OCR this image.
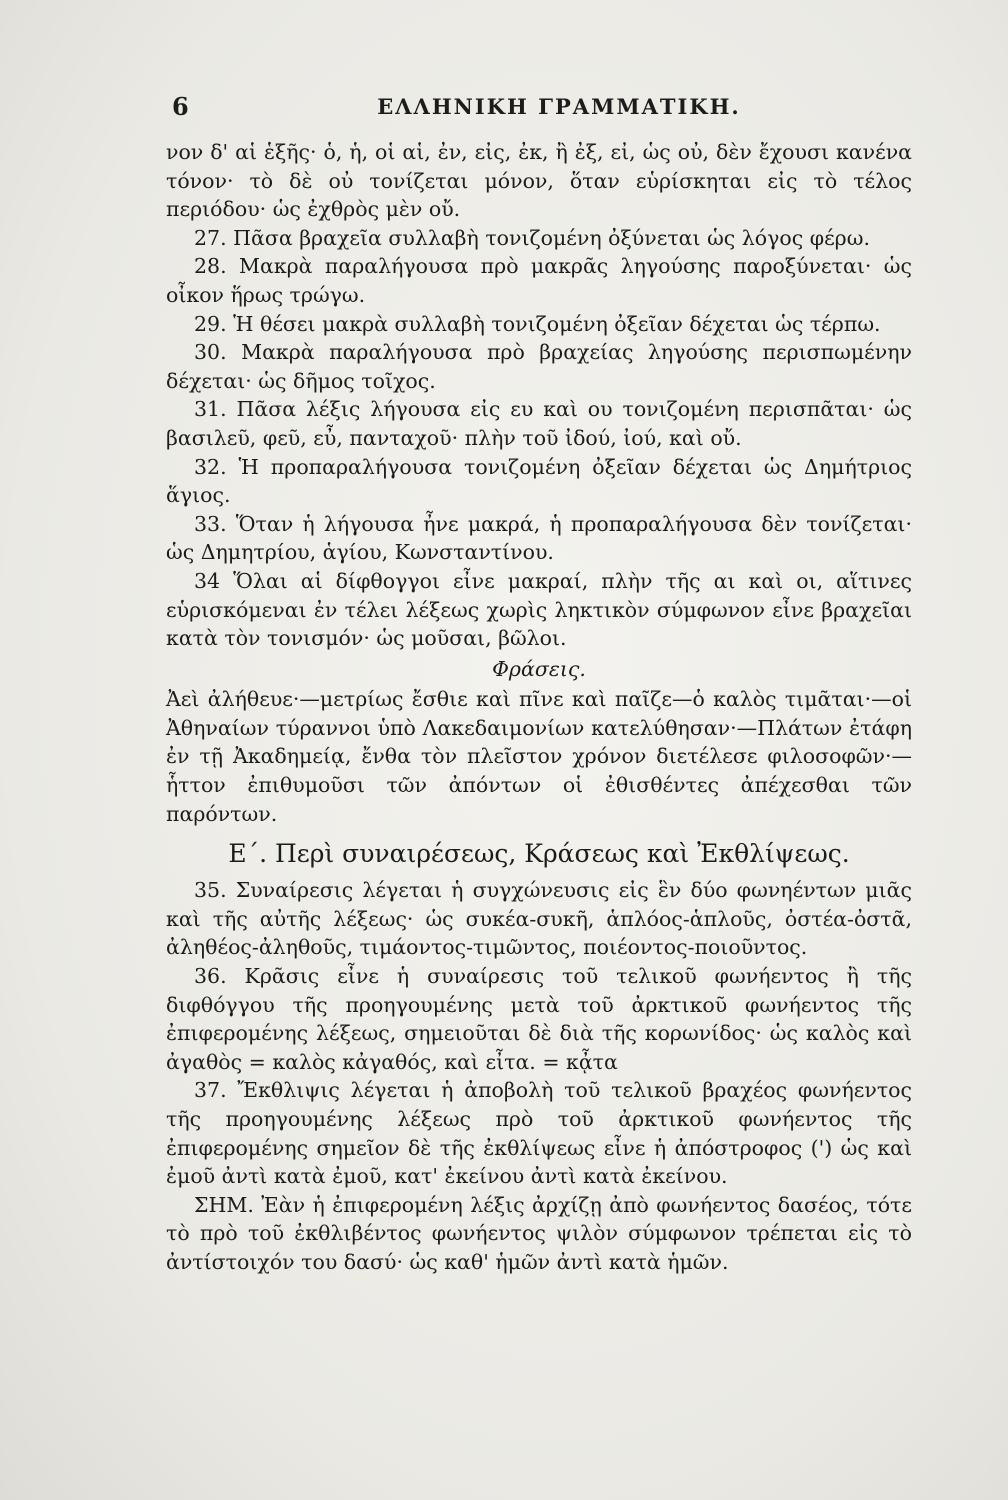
6	ΕΛΛΗΝΙΚΗ ΓΡΑΜΜΑΤΙΚΗ.

νον δ' αἱ ἑξῆς· ὁ, ἡ, οἱ αἱ, ἐν, εἰς, ἐκ, ἢ ἐξ, εἰ, ὡς οὐ, δὲν ἔχουσι κανένα τόνον· τὸ δὲ οὐ τονίζεται μόνον, ὅταν εὑρίσκηται εἰς τὸ τέλος περιόδου· ὡς ἐχθρὸς μὲν οὔ.

27. Πᾶσα βραχεῖα συλλαβὴ τονιζομένη ὀξύνεται ὡς λόγος φέρω.

28. Μακρὰ παραλήγουσα πρὸ μακρᾶς ληγούσης παροξύνεται· ὡς οἶκον ἥρως τρώγω.

29. Ἡ θέσει μακρὰ συλλαβὴ τονιζομένη ὀξεῖαν δέχεται ὡς τέρπω.

30. Μακρὰ παραλήγουσα πρὸ βραχείας ληγούσης περισπωμένην δέχεται· ὡς δῆμος τοῖχος.

31. Πᾶσα λέξις λήγουσα εἰς ευ καὶ ου τονιζομένη περισπᾶται· ὡς βασιλεῦ, φεῦ, εὖ, πανταχοῦ· πλὴν τοῦ ἰδού, ἰού, καὶ οὔ.

32. Ἡ προπαραλήγουσα τονιζομένη ὀξεῖαν δέχεται ὡς Δημήτριος ἅγιος.

33. Ὅταν ἡ λήγουσα ἦνε μακρά, ἡ προπαραλήγουσα δὲν τονίζεται· ὡς Δημητρίου, ἁγίου, Κωνσταντίνου.

34 Ὅλαι αἱ δίφθογγοι εἶνε μακραί, πλὴν τῆς αι καὶ οι, αἵτινες εὑρισκόμεναι ἐν τέλει λέξεως χωρὶς ληκτικὸν σύμφωνον εἶνε βραχεῖαι κατὰ τὸν τονισμόν· ὡς μοῦσαι, βῶλοι.

Φράσεις.

Ἀεὶ ἀλήθευε·—μετρίως ἔσθιε καὶ πῖνε καὶ παῖζε—ὁ καλὸς τιμᾶται·—οἱ Ἀθηναίων τύραννοι ὑπὸ Λακεδαιμονίων κατελύθησαν·—Πλάτων ἐτάφη ἐν τῇ Ἀκαδημείᾳ, ἔνθα τὸν πλεῖστον χρόνον διετέλεσε φιλοσοφῶν·— ἧττον ἐπιθυμοῦσι τῶν ἀπόντων οἱ ἐθισθέντες ἀπέχεσθαι τῶν παρόντων.

Ε΄. Περὶ συναιρέσεως, Κράσεως καὶ Ἐκθλίψεως.

35. Συναίρεσις λέγεται ἡ συγχώνευσις εἰς ἓν δύο φωνηέντων μιᾶς καὶ τῆς αὐτῆς λέξεως· ὡς συκέα-συκῆ, ἁπλόος-ἁπλοῦς, ὀστέα-ὀστᾶ, ἀληθέος-ἀληθοῦς, τιμάοντος-τιμῶντος, ποιέοντος-ποιοῦντος.

36. Κρᾶσις εἶνε ἡ συναίρεσις τοῦ τελικοῦ φωνήεντος ἢ τῆς διφθόγγου τῆς προηγουμένης μετὰ τοῦ ἀρκτικοῦ φωνήεντος τῆς ἐπιφερομένης λέξεως, σημειοῦται δὲ διὰ τῆς κορωνίδος· ὡς καλὸς καὶ ἀγαθὸς = καλὸς κἀγαθός, καὶ εἶτα. = κᾆτα

37. Ἔκθλιψις λέγεται ἡ ἀποβολὴ τοῦ τελικοῦ βραχέος φωνήεντος τῆς προηγουμένης λέξεως πρὸ τοῦ ἀρκτικοῦ φωνήεντος τῆς ἐπιφερομένης σημεῖον δὲ τῆς ἐκθλίψεως εἶνε ἡ ἀπόστροφος (') ὡς καὶ ἐμοῦ ἀντὶ κατὰ ἐμοῦ, κατ' ἐκείνου ἀντὶ κατὰ ἐκείνου.

ΣΗΜ. Ἐὰν ἡ ἐπιφερομένη λέξις ἀρχίζῃ ἀπὸ φωνήεντος δασέος, τότε τὸ πρὸ τοῦ ἐκθλιβέντος φωνήεντος ψιλὸν σύμφωνον τρέπεται εἰς τὸ ἀντίστοιχόν του δασύ· ὡς καθ' ἡμῶν ἀντὶ κατὰ ἡμῶν.
